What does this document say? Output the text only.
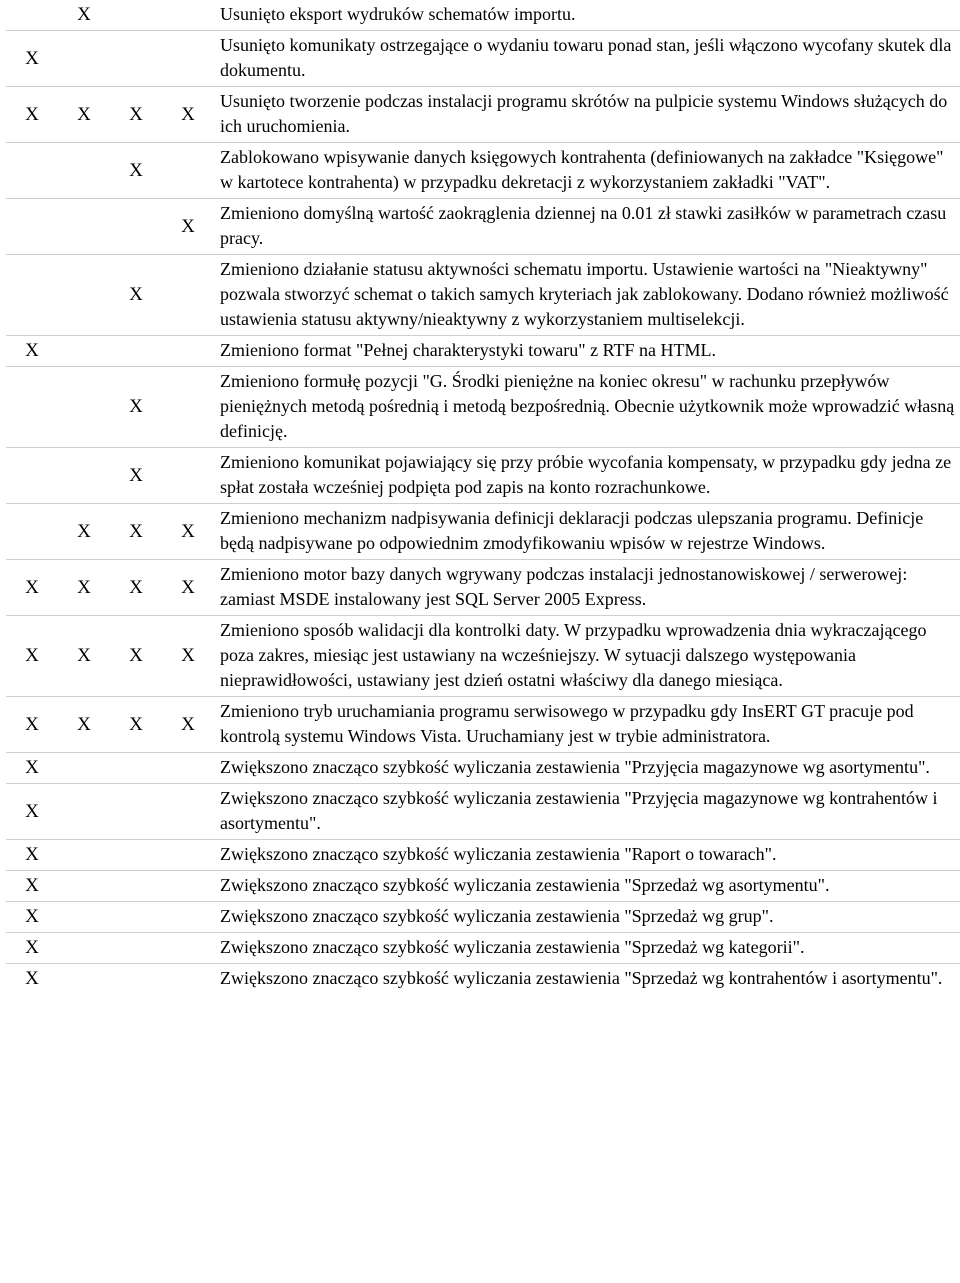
	X			Usunięto eksport wydruków schematów importu.
X				Usunięto komunikaty ostrzegające o wydaniu towaru ponad stan, jeśli włączono wycofany skutek dla dokumentu.
X	X	X	X	Usunięto tworzenie podczas instalacji programu skrótów na pulpicie systemu Windows służących do ich uruchomienia.
		X		Zablokowano wpisywanie danych księgowych kontrahenta (definiowanych na zakładce "Księgowe" w kartotece kontrahenta) w przypadku dekretacji z wykorzystaniem zakładki "VAT".
			X	Zmieniono domyślną wartość zaokrąglenia dziennej na 0.01 zł stawki zasiłków w parametrach czasu pracy.
		X		Zmieniono działanie statusu aktywności schematu importu. Ustawienie wartości na "Nieaktywny" pozwala stworzyć schemat o takich samych kryteriach jak zablokowany. Dodano również możliwość ustawienia statusu aktywny/nieaktywny z wykorzystaniem multiselekcji.
X				Zmieniono format "Pełnej charakterystyki towaru" z RTF na HTML.
		X		Zmieniono formułę pozycji "G. Środki pieniężne na koniec okresu" w rachunku przepływów pieniężnych metodą pośrednią i metodą bezpośrednią. Obecnie użytkownik może wprowadzić własną definicję.
		X		Zmieniono komunikat pojawiający się przy próbie wycofania kompensaty, w przypadku gdy jedna ze spłat została wcześniej podpięta pod zapis na konto rozrachunkowe.
	X	X	X	Zmieniono mechanizm nadpisywania definicji deklaracji podczas ulepszania programu. Definicje będą nadpisywane po odpowiednim zmodyfikowaniu wpisów w rejestrze Windows.
X	X	X	X	Zmieniono motor bazy danych wgrywany podczas instalacji jednostanowiskowej / serwerowej: zamiast MSDE instalowany jest SQL Server 2005 Express.
X	X	X	X	Zmieniono sposób walidacji dla kontrolki daty. W przypadku wprowadzenia dnia wykraczającego poza zakres, miesiąc jest ustawiany na wcześniejszy. W sytuacji dalszego występowania nieprawidłowości, ustawiany jest dzień ostatni właściwy dla danego miesiąca.
X	X	X	X	Zmieniono tryb uruchamiania programu serwisowego w przypadku gdy InsERT GT pracuje pod kontrolą systemu Windows Vista. Uruchamiany jest w trybie administratora.
X				Zwiększono znacząco szybkość wyliczania zestawienia "Przyjęcia magazynowe wg asortymentu".
X				Zwiększono znacząco szybkość wyliczania zestawienia "Przyjęcia magazynowe wg kontrahentów i asortymentu".
X				Zwiększono znacząco szybkość wyliczania zestawienia "Raport o towarach".
X				Zwiększono znacząco szybkość wyliczania zestawienia "Sprzedaż wg asortymentu".
X				Zwiększono znacząco szybkość wyliczania zestawienia "Sprzedaż wg grup".
X				Zwiększono znacząco szybkość wyliczania zestawienia "Sprzedaż wg kategorii".
X				Zwiększono znacząco szybkość wyliczania zestawienia "Sprzedaż wg kontrahentów i asortymentu".
